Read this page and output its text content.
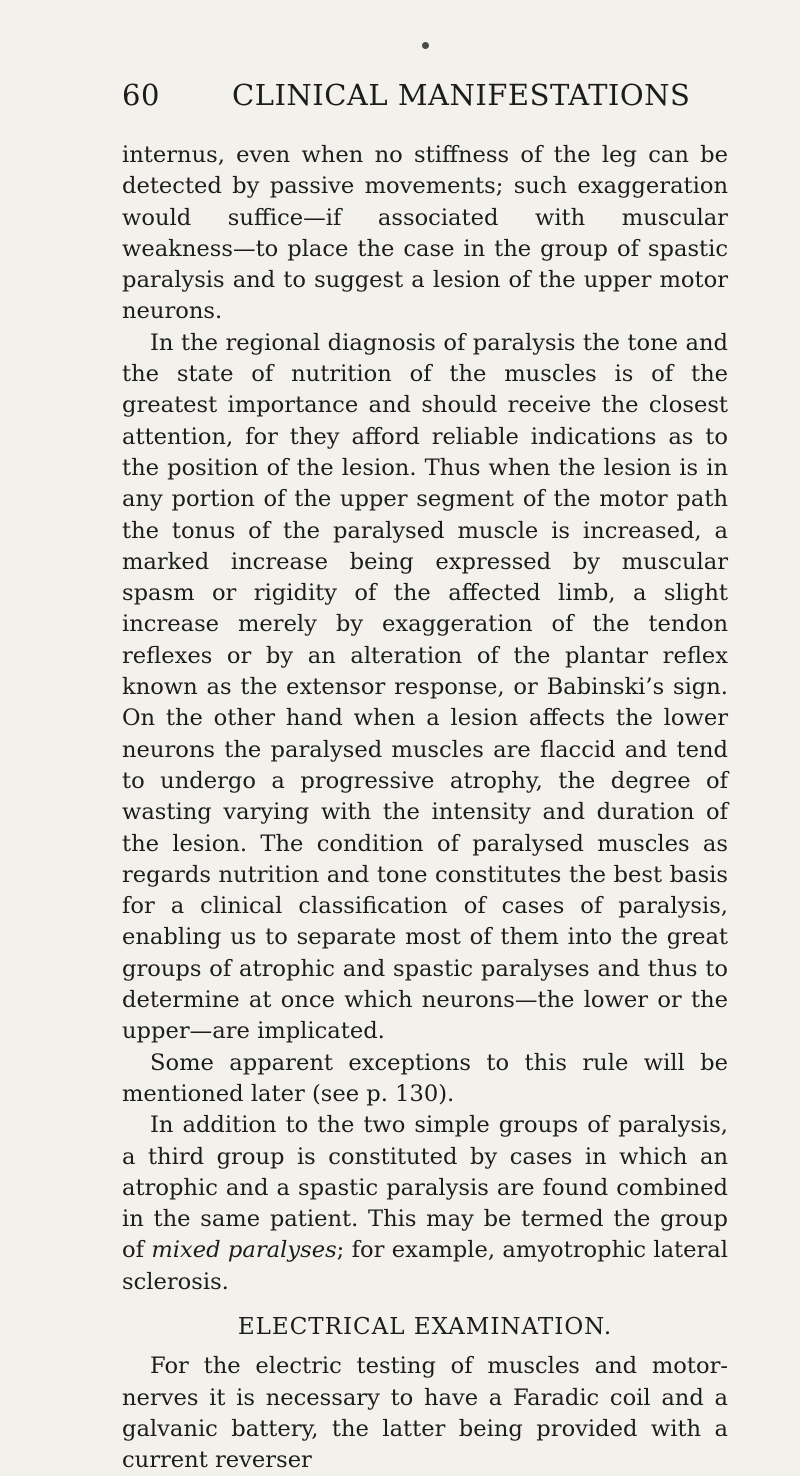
60	CLINICAL MANIFESTATIONS

internus, even when no stiffness of the leg can be detected by passive movements; such exaggeration would suffice—if associated with muscular weakness—to place the case in the group of spastic paralysis and to suggest a lesion of the upper motor neurons.

In the regional diagnosis of paralysis the tone and the state of nutrition of the muscles is of the greatest importance and should receive the closest attention, for they afford reliable indications as to the position of the lesion. Thus when the lesion is in any portion of the upper segment of the motor path the tonus of the paralysed muscle is increased, a marked increase being expressed by muscular spasm or rigidity of the affected limb, a slight increase merely by exaggeration of the tendon reflexes or by an alteration of the plantar reflex known as the extensor response, or Babinski’s sign. On the other hand when a lesion affects the lower neurons the paralysed muscles are flaccid and tend to undergo a progressive atrophy, the degree of wasting varying with the intensity and duration of the lesion. The condition of paralysed muscles as regards nutrition and tone constitutes the best basis for a clinical classification of cases of paralysis, enabling us to separate most of them into the great groups of atrophic and spastic paralyses and thus to determine at once which neurons—the lower or the upper—are implicated.

Some apparent exceptions to this rule will be mentioned later (see p. 130).

In addition to the two simple groups of paralysis, a third group is constituted by cases in which an atrophic and a spastic paralysis are found combined in the same patient. This may be termed the group of mixed paralyses; for example, amyotrophic lateral sclerosis.

ELECTRICAL EXAMINATION.

For the electric testing of muscles and motor-nerves it is necessary to have a Faradic coil and a galvanic battery, the latter being provided with a current reverser
